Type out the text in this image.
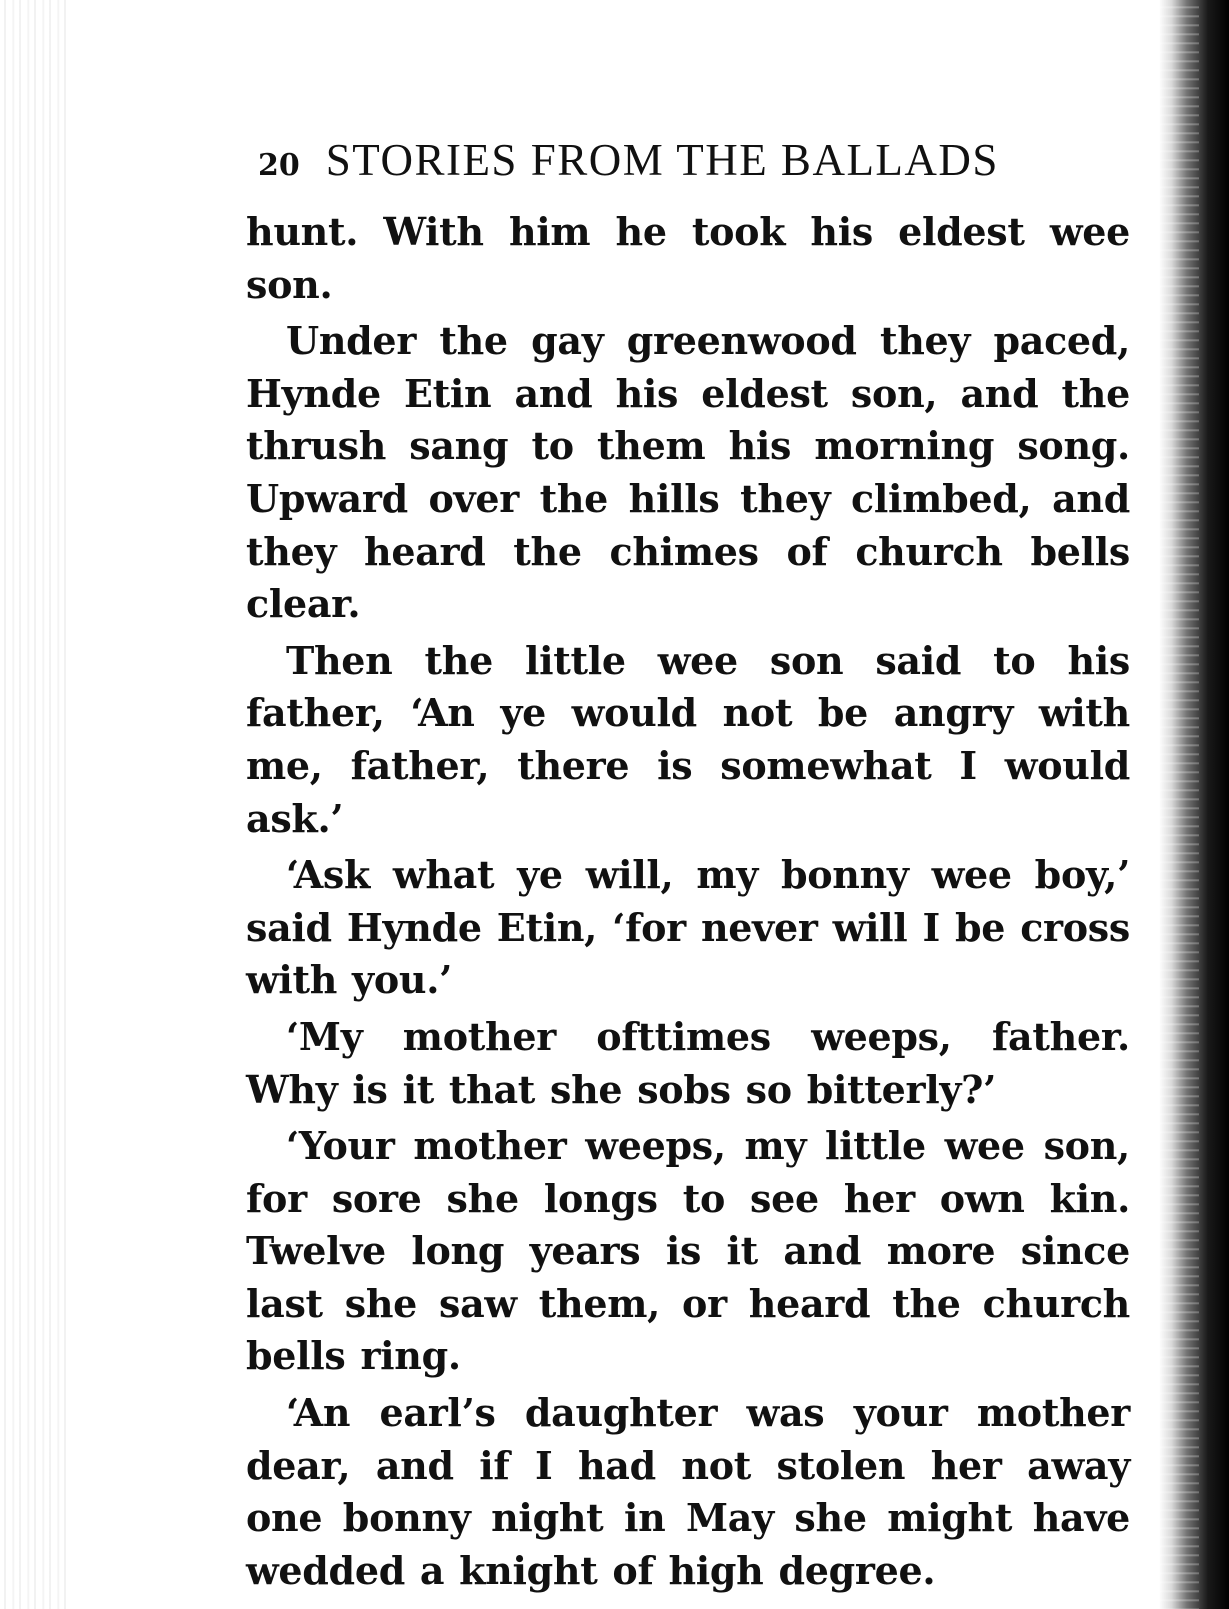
20 STORIES FROM THE BALLADS

hunt. With him he took his eldest wee son.

Under the gay greenwood they paced, Hynde Etin and his eldest son, and the thrush sang to them his morning song. Upward over the hills they climbed, and they heard the chimes of church bells clear.

Then the little wee son said to his father, ‘An ye would not be angry with me, father, there is somewhat I would ask.’

‘Ask what ye will, my bonny wee boy,’ said Hynde Etin, ‘for never will I be cross with you.’

‘My mother ofttimes weeps, father. Why is it that she sobs so bitterly?’

‘Your mother weeps, my little wee son, for sore she longs to see her own kin. Twelve long years is it and more since last she saw them, or heard the church bells ring.

‘An earl’s daughter was your mother dear, and if I had not stolen her away one bonny night in May she might have wedded a knight of high degree.
